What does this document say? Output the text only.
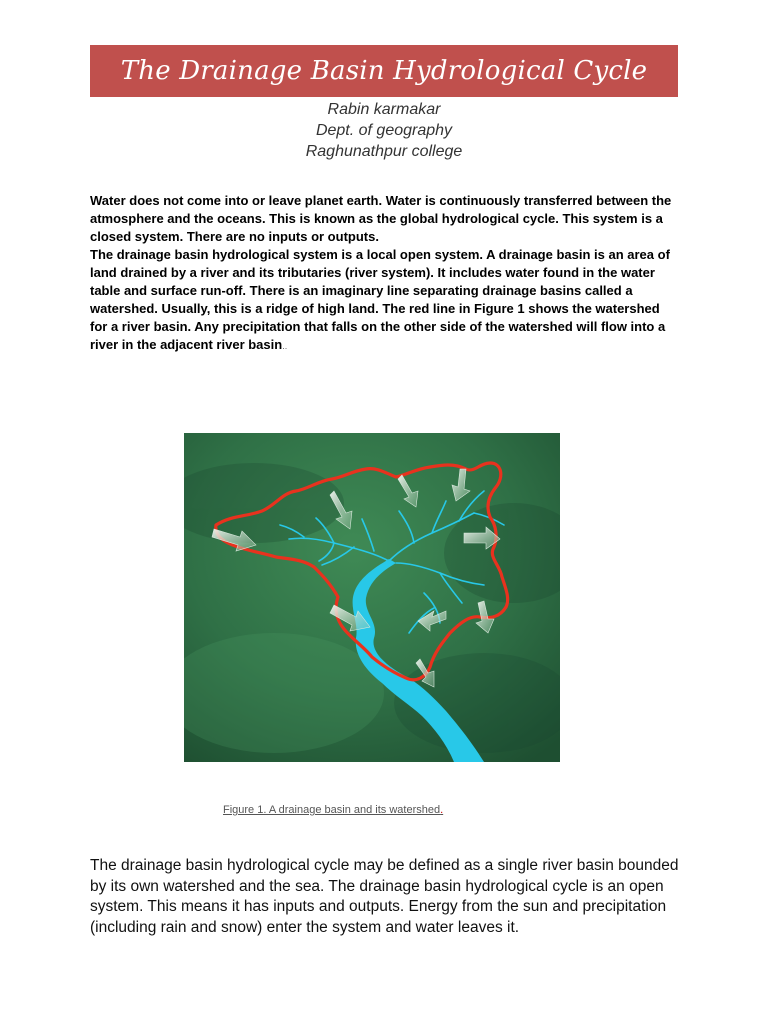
The Drainage Basin Hydrological Cycle
Rabin karmakar
Dept. of geography
Raghunathpur college

Water does not come into or leave planet earth. Water is continuously transferred between the atmosphere and the oceans. This is known as the global hydrological cycle. This system is a closed system. There are no inputs or outputs.

The drainage basin hydrological system is a local open system. A drainage basin is an area of land drained by a river and its tributaries (river system). It includes water found in the water table and surface run-off. There is an imaginary line separating drainage basins called a watershed. Usually, this is a ridge of high land. The red line in Figure 1 shows the watershed for a river basin. Any precipitation that falls on the other side of the watershed will flow into a river in the adjacent river basin..

Figure 1. A drainage basin and its watershed.

The drainage basin hydrological cycle may be defined as a single river basin bounded by its own watershed and the sea. The drainage basin hydrological cycle is an open system. This means it has inputs and outputs. Energy from the sun and precipitation (including rain and snow) enter the system and water leaves it.
